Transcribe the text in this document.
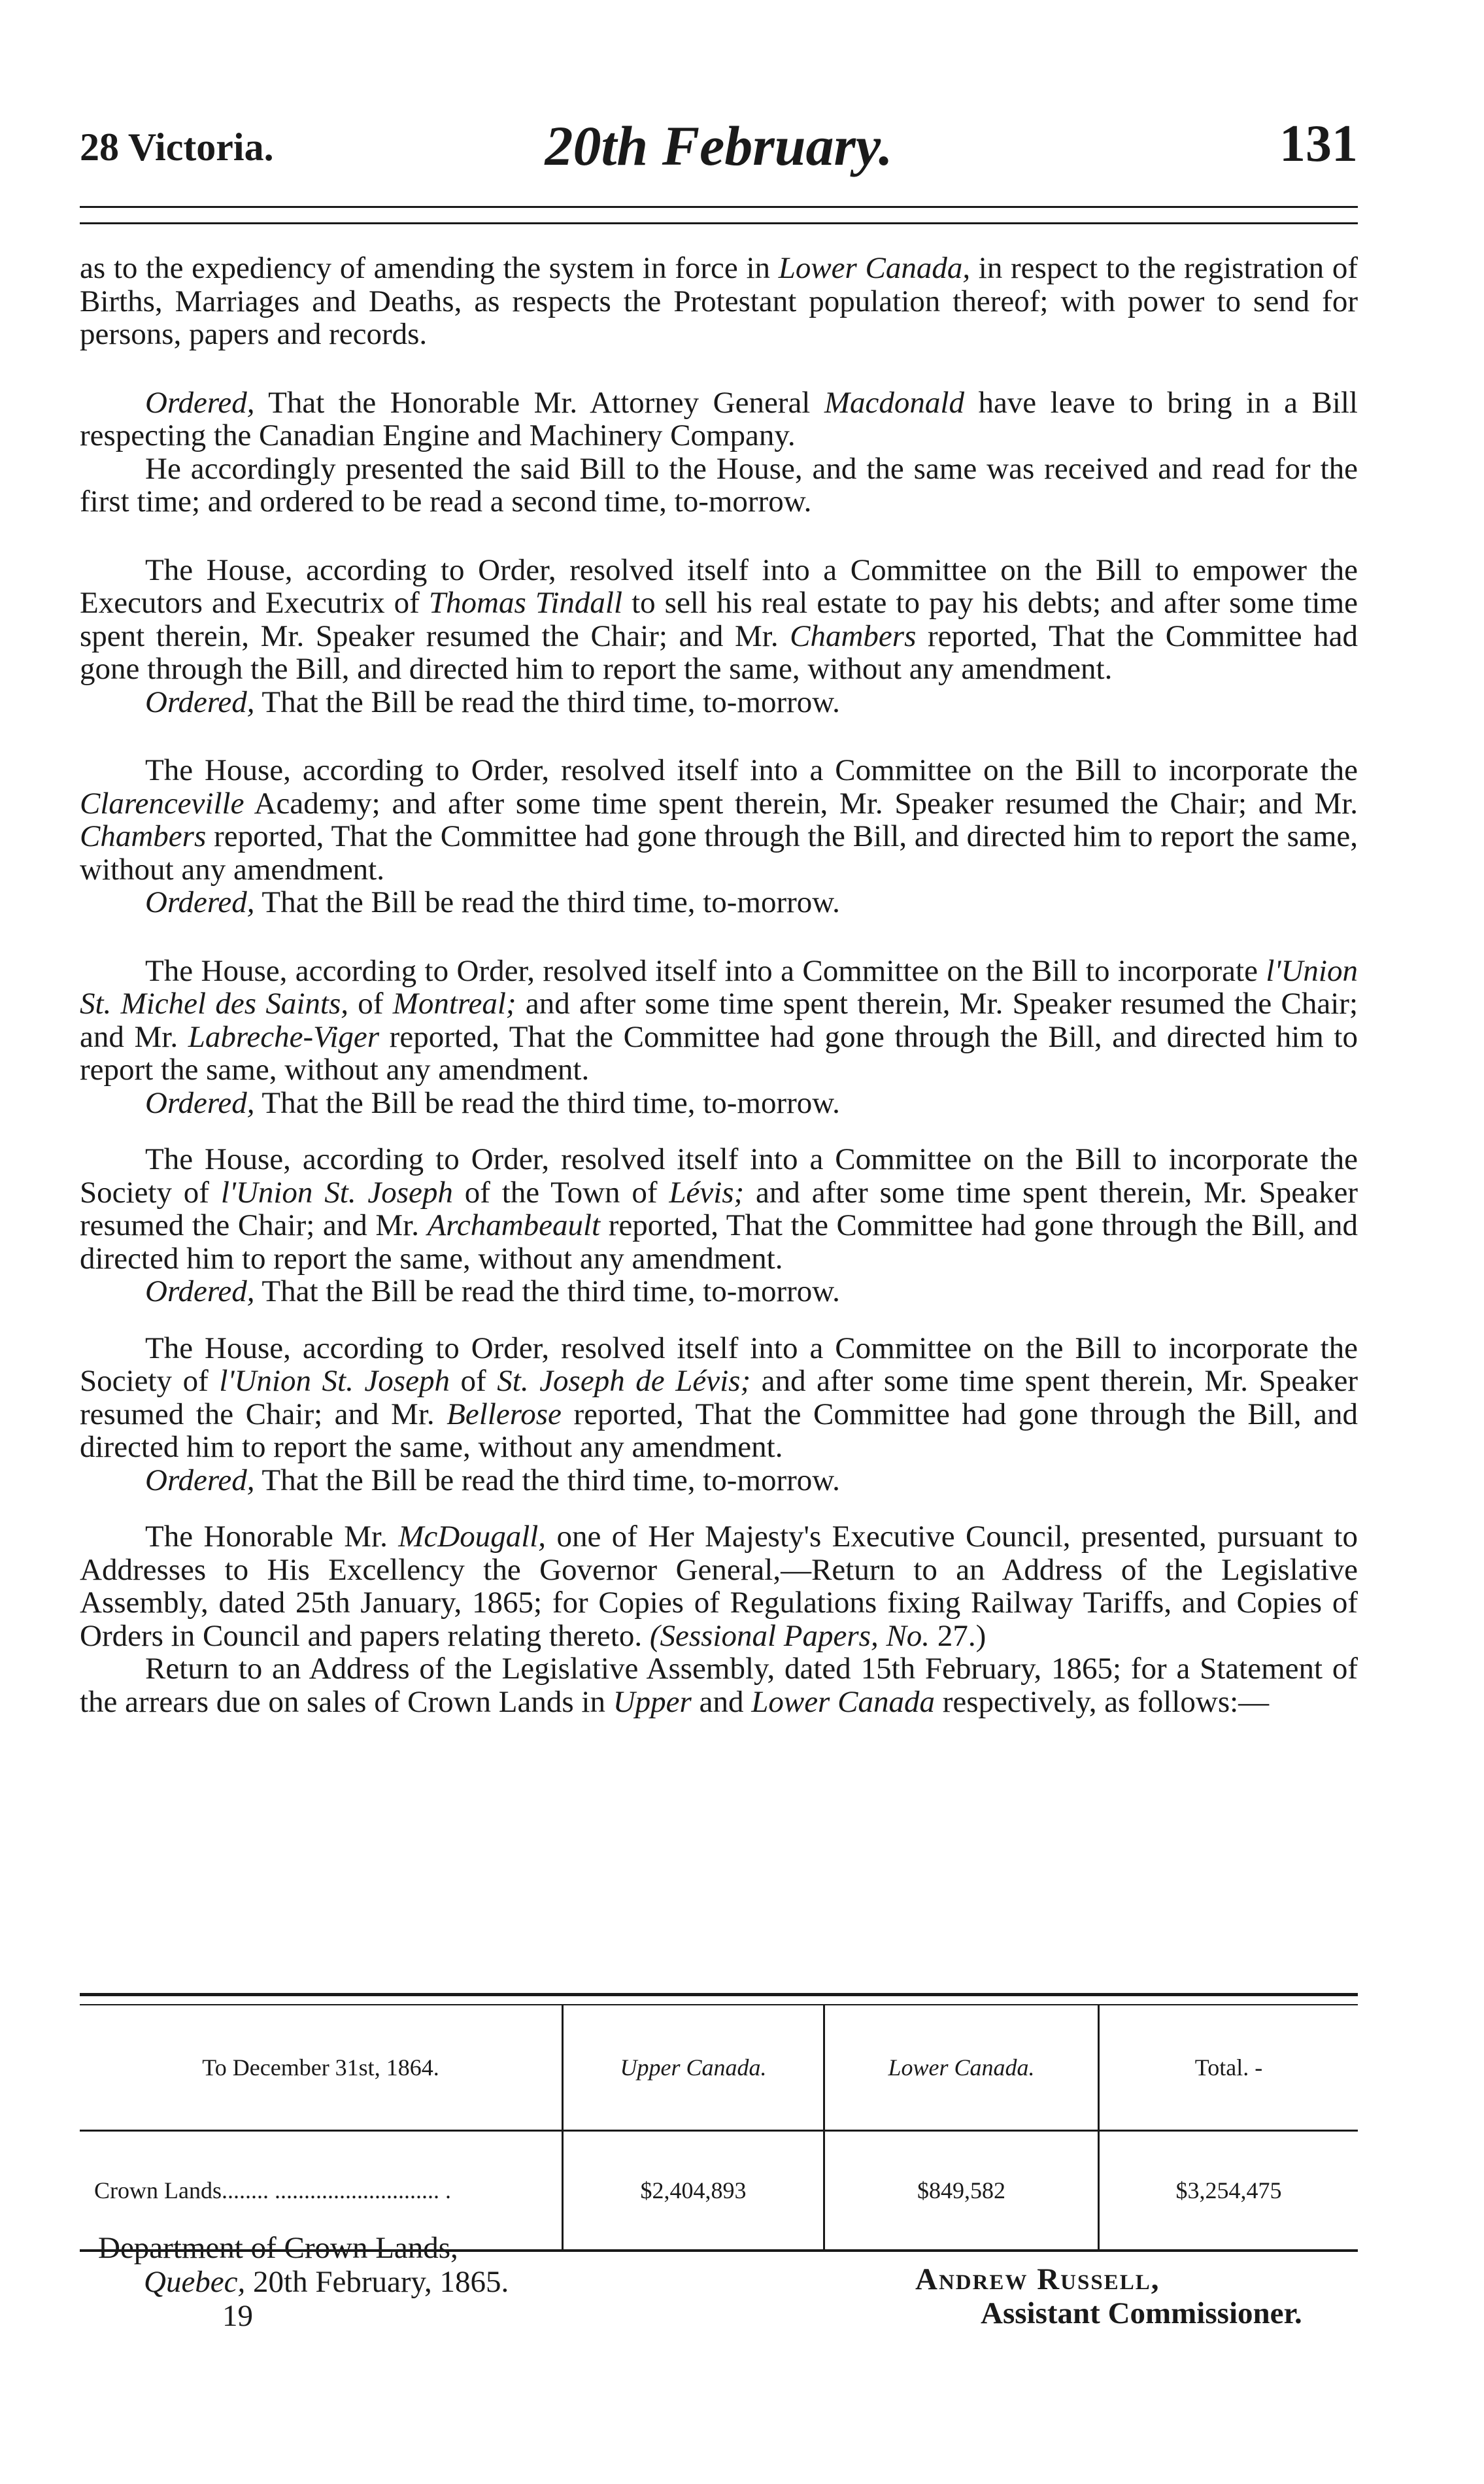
28 Victoria.	20th February.	131

as to the expediency of amending the system in force in Lower Canada, in respect to the registration of Births, Marriages and Deaths, as respects the Protestant population thereof; with power to send for persons, papers and records.

Ordered, That the Honorable Mr. Attorney General Macdonald have leave to bring in a Bill respecting the Canadian Engine and Machinery Company.

He accordingly presented the said Bill to the House, and the same was received and read for the first time; and ordered to be read a second time, to-morrow.

The House, according to Order, resolved itself into a Committee on the Bill to empower the Executors and Executrix of Thomas Tindall to sell his real estate to pay his debts; and after some time spent therein, Mr. Speaker resumed the Chair; and Mr. Chambers reported, That the Committee had gone through the Bill, and directed him to report the same, without any amendment.

Ordered, That the Bill be read the third time, to-morrow.

The House, according to Order, resolved itself into a Committee on the Bill to incorporate the Clarenceville Academy; and after some time spent therein, Mr. Speaker resumed the Chair; and Mr. Chambers reported, That the Committee had gone through the Bill, and directed him to report the same, without any amendment.

Ordered, That the Bill be read the third time, to-morrow.

The House, according to Order, resolved itself into a Committee on the Bill to incorporate l'Union St. Michel des Saints, of Montreal; and after some time spent therein, Mr. Speaker resumed the Chair; and Mr. Labreche-Viger reported, That the Committee had gone through the Bill, and directed him to report the same, without any amendment.

Ordered, That the Bill be read the third time, to-morrow.

The House, according to Order, resolved itself into a Committee on the Bill to incorporate the Society of l'Union St. Joseph of the Town of Lévis; and after some time spent therein, Mr. Speaker resumed the Chair; and Mr. Archambeault reported, That the Committee had gone through the Bill, and directed him to report the same, without any amendment.

Ordered, That the Bill be read the third time, to-morrow.

The House, according to Order, resolved itself into a Committee on the Bill to incorporate the Society of l'Union St. Joseph of St. Joseph de Lévis; and after some time spent therein, Mr. Speaker resumed the Chair; and Mr. Bellerose reported, That the Committee had gone through the Bill, and directed him to report the same, without any amendment.

Ordered, That the Bill be read the third time, to-morrow.

The Honorable Mr. McDougall, one of Her Majesty's Executive Council, presented, pursuant to Addresses to His Excellency the Governor General,—Return to an Address of the Legislative Assembly, dated 25th January, 1865; for Copies of Regulations fixing Railway Tariffs, and Copies of Orders in Council and papers relating thereto. (Sessional Papers, No. 27.)

Return to an Address of the Legislative Assembly, dated 15th February, 1865; for a Statement of the arrears due on sales of Crown Lands in Upper and Lower Canada respectively, as follows:—

To December 31st, 1864.	Upper Canada.	Lower Canada.	Total. -
Crown Lands........ ............................ .	$2,404,893	$849,582	$3,254,475
Department of Crown Lands,
Quebec, 20th February, 1865.
19
Andrew Russell,
Assistant Commissioner.
